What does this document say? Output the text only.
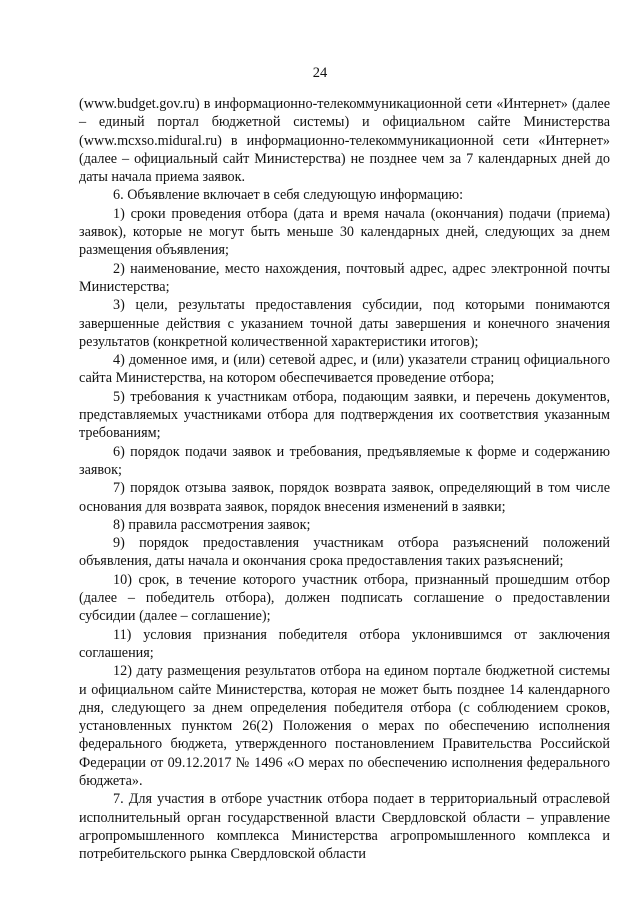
24

(www.budget.gov.ru) в информационно-телекоммуникационной сети «Интернет» (далее – единый портал бюджетной системы) и официальном сайте Министерства (www.mcxso.midural.ru) в информационно-телекоммуникационной сети «Интернет» (далее – официальный сайт Министерства) не позднее чем за 7 календарных дней до даты начала приема заявок.

6. Объявление включает в себя следующую информацию:

1) сроки проведения отбора (дата и время начала (окончания) подачи (приема) заявок), которые не могут быть меньше 30 календарных дней, следующих за днем размещения объявления;

2) наименование, место нахождения, почтовый адрес, адрес электронной почты Министерства;

3) цели, результаты предоставления субсидии, под которыми понимаются завершенные действия с указанием точной даты завершения и конечного значения результатов (конкретной количественной характеристики итогов);

4) доменное имя, и (или) сетевой адрес, и (или) указатели страниц официального сайта Министерства, на котором обеспечивается проведение отбора;

5) требования к участникам отбора, подающим заявки, и перечень документов, представляемых участниками отбора для подтверждения их соответствия указанным требованиям;

6) порядок подачи заявок и требования, предъявляемые к форме и содержанию заявок;

7) порядок отзыва заявок, порядок возврата заявок, определяющий в том числе основания для возврата заявок, порядок внесения изменений в заявки;

8) правила рассмотрения заявок;

9) порядок предоставления участникам отбора разъяснений положений объявления, даты начала и окончания срока предоставления таких разъяснений;

10) срок, в течение которого участник отбора, признанный прошедшим отбор (далее – победитель отбора), должен подписать соглашение о предоставлении субсидии (далее – соглашение);

11) условия признания победителя отбора уклонившимся от заключения соглашения;

12) дату размещения результатов отбора на едином портале бюджетной системы и официальном сайте Министерства, которая не может быть позднее 14 календарного дня, следующего за днем определения победителя отбора (с соблюдением сроков, установленных пунктом 26(2) Положения о мерах по обеспечению исполнения федерального бюджета, утвержденного постановлением Правительства Российской Федерации от 09.12.2017 № 1496 «О мерах по обеспечению исполнения федерального бюджета».

7. Для участия в отборе участник отбора подает в территориальный отраслевой исполнительный орган государственной власти Свердловской области – управление агропромышленного комплекса Министерства агропромышленного комплекса и потребительского рынка Свердловской области
